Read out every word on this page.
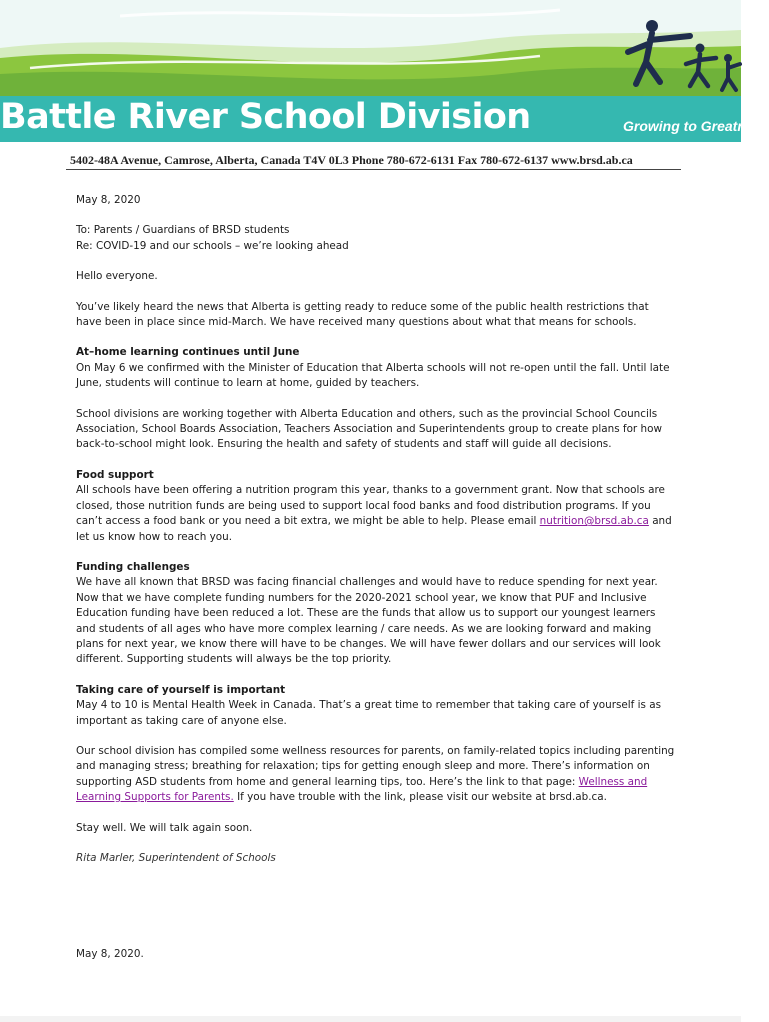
Battle River School Division	Growing to Greatness
5402-48A Avenue, Camrose, Alberta, Canada T4V 0L3 Phone 780-672-6131 Fax 780-672-6137 www.brsd.ab.ca

May 8, 2020

To: Parents / Guardians of BRSD students

Re: COVID-19 and our schools – we’re looking ahead

Hello everyone.

You’ve likely heard the news that Alberta is getting ready to reduce some of the public health restrictions that have been in place since mid-March. We have received many questions about what that means for schools.

At–home learning continues until June

On May 6 we confirmed with the Minister of Education that Alberta schools will not re-open until the fall. Until late June, students will continue to learn at home, guided by teachers.

School divisions are working together with Alberta Education and others, such as the provincial School Councils Association, School Boards Association, Teachers Association and Superintendents group to create plans for how back-to-school might look. Ensuring the health and safety of students and staff will guide all decisions.

Food support

All schools have been offering a nutrition program this year, thanks to a government grant. Now that schools are closed, those nutrition funds are being used to support local food banks and food distribution programs. If you can’t access a food bank or you need a bit extra, we might be able to help. Please email nutrition@brsd.ab.ca and let us know how to reach you.

Funding challenges

We have all known that BRSD was facing financial challenges and would have to reduce spending for next year. Now that we have complete funding numbers for the 2020-2021 school year, we know that PUF and Inclusive Education funding have been reduced a lot. These are the funds that allow us to support our youngest learners and students of all ages who have more complex learning / care needs. As we are looking forward and making plans for next year, we know there will have to be changes. We will have fewer dollars and our services will look different. Supporting students will always be the top priority.

Taking care of yourself is important

May 4 to 10 is Mental Health Week in Canada. That’s a great time to remember that taking care of yourself is as important as taking care of anyone else.

Our school division has compiled some wellness resources for parents, on family-related topics including parenting and managing stress; breathing for relaxation; tips for getting enough sleep and more. There’s information on supporting ASD students from home and general learning tips, too. Here’s the link to that page: Wellness and Learning Supports for Parents. If you have trouble with the link, please visit our website at brsd.ab.ca.

Stay well. We will talk again soon.

Rita Marler, Superintendent of Schools

May 8, 2020.
